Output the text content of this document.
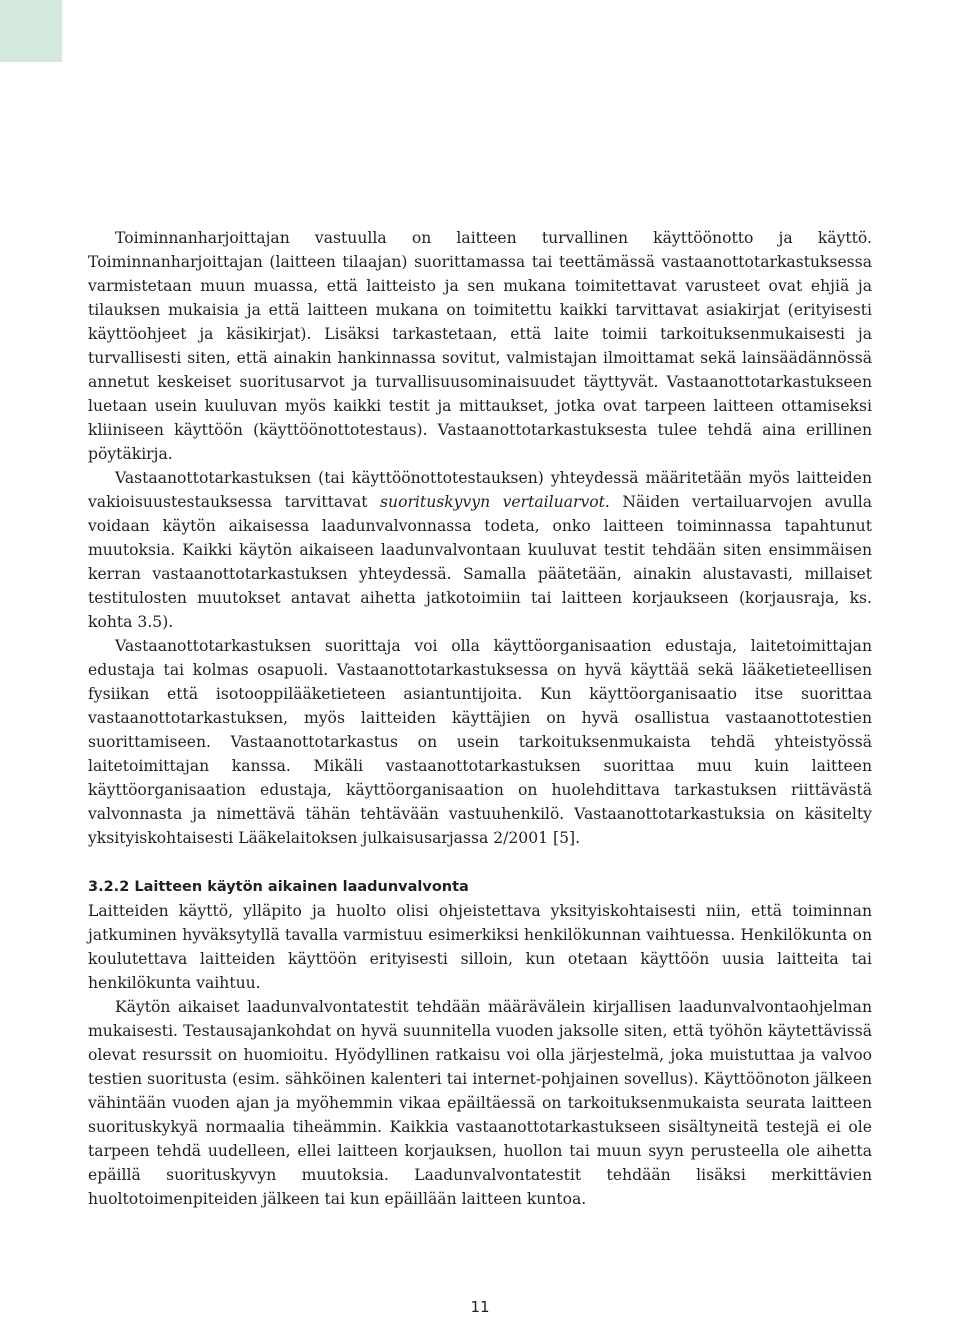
Toiminnanharjoittajan vastuulla on laitteen turvallinen käyttöönotto ja käyttö. Toiminnanharjoittajan (laitteen tilaajan) suorittamassa tai teettämässä vastaanottotarkastuksessa varmistetaan muun muassa, että laitteisto ja sen mukana toimitettavat varusteet ovat ehjiä ja tilauksen mukaisia ja että laitteen mukana on toimitettu kaikki tarvittavat asiakirjat (erityisesti käyttöohjeet ja käsikirjat). Lisäksi tarkastetaan, että laite toimii tarkoituksenmukaisesti ja turvallisesti siten, että ainakin hankinnassa sovitut, valmistajan ilmoittamat sekä lainsäädännössä annetut keskeiset suoritusarvot ja turvallisuusominaisuudet täyttyvät. Vastaanottotarkastukseen luetaan usein kuuluvan myös kaikki testit ja mittaukset, jotka ovat tarpeen laitteen ottamiseksi kliiniseen käyttöön (käyttöönottotestaus). Vastaanottotarkastuksesta tulee tehdä aina erillinen pöytäkirja.

Vastaanottotarkastuksen (tai käyttöönottotestauksen) yhteydessä määritetään myös laitteiden vakioisuustestauksessa tarvittavat suorituskyvyn vertailuarvot. Näiden vertailuarvojen avulla voidaan käytön aikaisessa laadunvalvonnassa todeta, onko laitteen toiminnassa tapahtunut muutoksia. Kaikki käytön aikaiseen laadunvalvontaan kuuluvat testit tehdään siten ensimmäisen kerran vastaanottotarkastuksen yhteydessä. Samalla päätetään, ainakin alustavasti, millaiset testitulosten muutokset antavat aihetta jatkotoimiin tai laitteen korjaukseen (korjausraja, ks. kohta 3.5).

Vastaanottotarkastuksen suorittaja voi olla käyttöorganisaation edustaja, laitetoimittajan edustaja tai kolmas osapuoli. Vastaanottotarkastuksessa on hyvä käyttää sekä lääketieteellisen fysiikan että isotooppilääketieteen asiantuntijoita. Kun käyttöorganisaatio itse suorittaa vastaanottotarkastuksen, myös laitteiden käyttäjien on hyvä osallistua vastaanottotestien suorittamiseen. Vastaanottotarkastus on usein tarkoituksenmukaista tehdä yhteistyössä laitetoimittajan kanssa. Mikäli vastaanottotarkastuksen suorittaa muu kuin laitteen käyttöorganisaation edustaja, käyttöorganisaation on huolehdittava tarkastuksen riittävästä valvonnasta ja nimettävä tähän tehtävään vastuuhenkilö. Vastaanottotarkastuksia on käsitelty yksityiskohtaisesti Lääkelaitoksen julkaisusarjassa 2/2001 [5].

3.2.2 Laitteen käytön aikainen laadunvalvonta

Laitteiden käyttö, ylläpito ja huolto olisi ohjeistettava yksityiskohtaisesti niin, että toiminnan jatkuminen hyväksytyllä tavalla varmistuu esimerkiksi henkilökunnan vaihtuessa. Henkilökunta on koulutettava laitteiden käyttöön erityisesti silloin, kun otetaan käyttöön uusia laitteita tai henkilökunta vaihtuu.

Käytön aikaiset laadunvalvontatestit tehdään määrävälein kirjallisen laadunvalvontaohjelman mukaisesti. Testausajankohdat on hyvä suunnitella vuoden jaksolle siten, että työhön käytettävissä olevat resurssit on huomioitu. Hyödyllinen ratkaisu voi olla järjestelmä, joka muistuttaa ja valvoo testien suoritusta (esim. sähköinen kalenteri tai internet-pohjainen sovellus). Käyttöönoton jälkeen vähintään vuoden ajan ja myöhemmin vikaa epäiltäessä on tarkoituksenmukaista seurata laitteen suorituskykyä normaalia tiheämmin. Kaikkia vastaanottotarkastukseen sisältyneitä testejä ei ole tarpeen tehdä uudelleen, ellei laitteen korjauksen, huollon tai muun syyn perusteella ole aihetta epäillä suorituskyvyn muutoksia. Laadunvalvontatestit tehdään lisäksi merkittävien huoltotoimenpiteiden jälkeen tai kun epäillään laitteen kuntoa.

11
